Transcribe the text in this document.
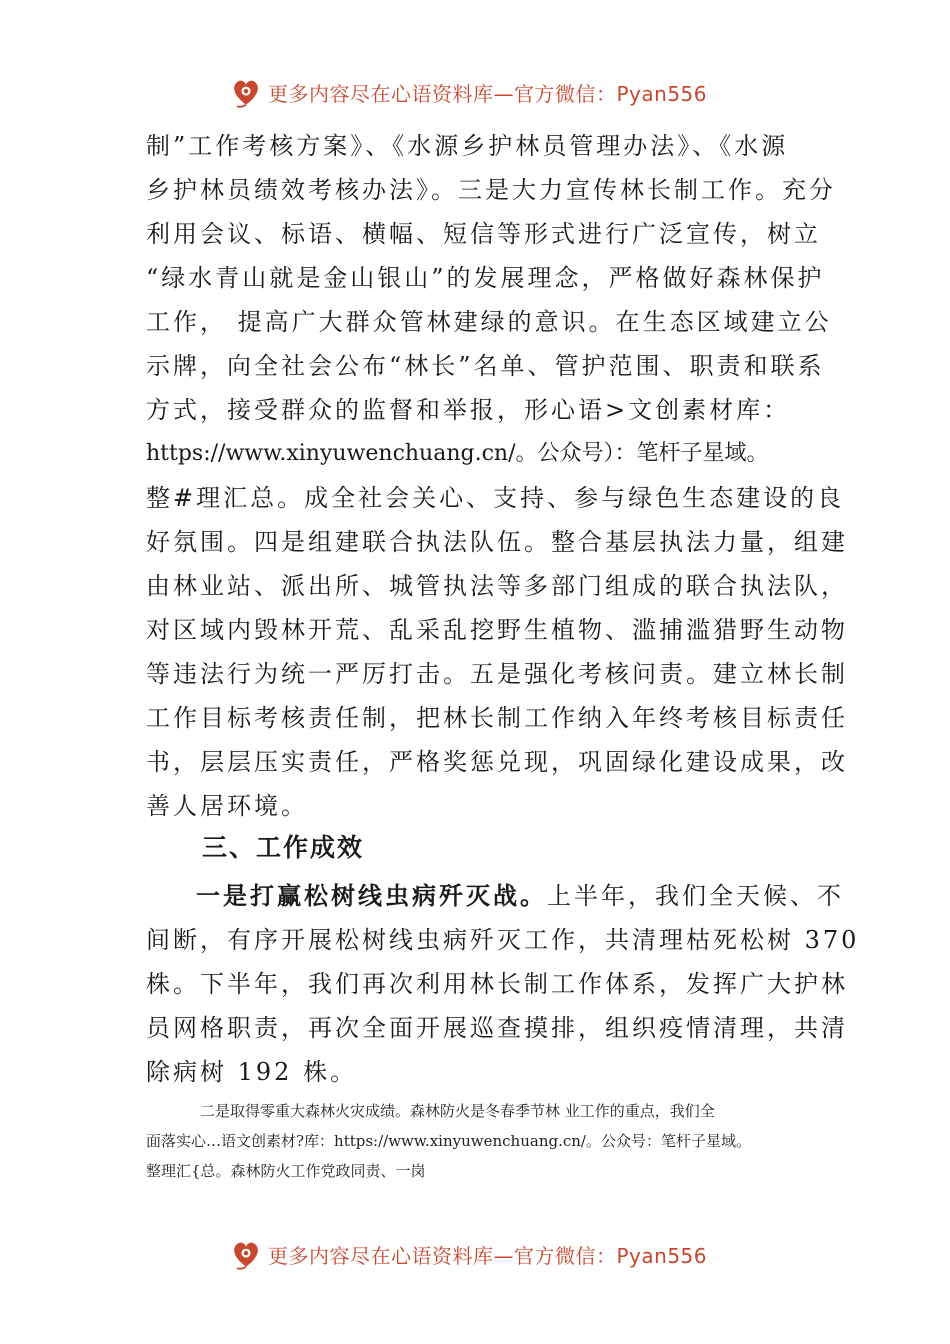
更多内容尽在心语资料库—官方微信：Pyan556
制”工作考核方案》、《水源乡护林员管理办法》、《水源
乡护林员绩效考核办法》。三是大力宣传林长制工作。充分
利用会议、标语、横幅、短信等形式进行广泛宣传，树立
“绿水青山就是金山银山”的发展理念，严格做好森林保护
工作， 提高广大群众管林建绿的意识。在生态区域建立公
示牌，向全社会公布“林长”名单、管护范围、职责和联系
方式，接受群众的监督和举报，形心语>文创素材库：
https://www.xinyuwenchuang.cn/。公众号）：笔杆子星域。
整#理汇总。成全社会关心、支持、参与绿色生态建设的良
好氛围。四是组建联合执法队伍。整合基层执法力量，组建
由林业站、派出所、城管执法等多部门组成的联合执法队，
对区域内毁林开荒、乱采乱挖野生植物、滥捕滥猎野生动物
等违法行为统一严厉打击。五是强化考核问责。建立林长制
工作目标考核责任制，把林长制工作纳入年终考核目标责任
书，层层压实责任，严格奖惩兑现，巩固绿化建设成果，改
善人居环境。
三、工作成效
一是打赢松树线虫病歼灭战。上半年，我们全天候、不
间断，有序开展松树线虫病歼灭工作，共清理枯死松树 370
株。下半年，我们再次利用林长制工作体系，发挥广大护林
员网格职责，再次全面开展巡查摸排，组织疫情清理，共清
除病树 192 株。
二是取得零重大森林火灾成绩。森林防火是冬春季节林 业工作的重点，我们全
面落实心…语文创素材?库：https://www.xinyuwenchuang.cn/。公众号：笔杆子星域。
整理汇{总。森林防火工作党政同责、一岗
更多内容尽在心语资料库—官方微信：Pyan556
